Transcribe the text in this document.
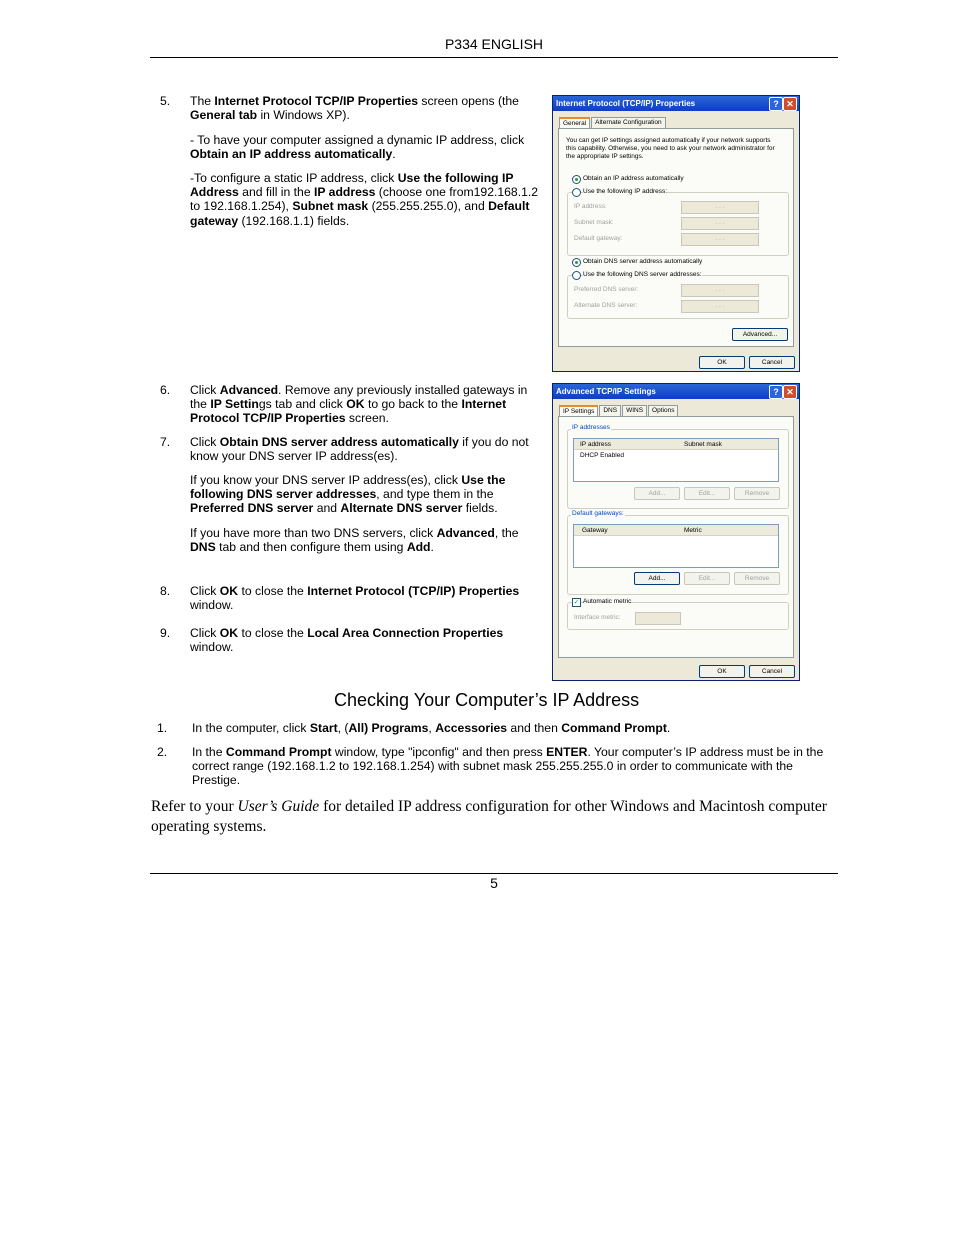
P334 ENGLISH
5. The Internet Protocol TCP/IP Properties screen opens (the General tab in Windows XP).
- To have your computer assigned a dynamic IP address, click Obtain an IP address automatically.
-To configure a static IP address, click Use the following IP Address and fill in the IP address (choose one from192.168.1.2 to 192.168.1.254), Subnet mask (255.255.255.0), and Default gateway (192.168.1.1) fields.
6. Click Advanced. Remove any previously installed gateways in the IP Settings tab and click OK to go back to the Internet Protocol TCP/IP Properties screen.
7. Click Obtain DNS server address automatically if you do not know your DNS server IP address(es).
If you know your DNS server IP address(es), click Use the following DNS server addresses, and type them in the Preferred DNS server and Alternate DNS server fields.
If you have more than two DNS servers, click Advanced, the DNS tab and then configure them using Add.
8. Click OK to close the Internet Protocol (TCP/IP) Properties window.
9. Click OK to close the Local Area Connection Properties window.
Internet Protocol (TCP/IP) Properties	? ✕
General	Alternate Configuration
You can get IP settings assigned automatically if your network supports this capability. Otherwise, you need to ask your network administrator for the appropriate IP settings.
Obtain an IP address automatically
Use the following IP address:
IP address:	. . .
Subnet mask:	. . .
Default gateway:	. . .
Obtain DNS server address automatically
Use the following DNS server addresses:
Preferred DNS server:	. . .
Alternate DNS server:	. . .
Advanced...
OK	Cancel
Advanced TCP/IP Settings	? ✕
IP Settings	DNS	WINS	Options
IP addresses
IP address	Subnet mask
DHCP Enabled
Add...	Edit...	Remove
Default gateways:
Gateway	Metric
Add...	Edit...	Remove
✓ Automatic metric
Interface metric:
OK	Cancel
Checking Your Computer’s IP Address
1. In the computer, click Start, (All) Programs, Accessories and then Command Prompt.
2. In the Command Prompt window, type "ipconfig" and then press ENTER. Your computer’s IP address must be in the correct range (192.168.1.2 to 192.168.1.254) with subnet mask 255.255.255.0 in order to communicate with the Prestige.
Refer to your User’s Guide for detailed IP address configuration for other Windows and Macintosh computer operating systems.
5
